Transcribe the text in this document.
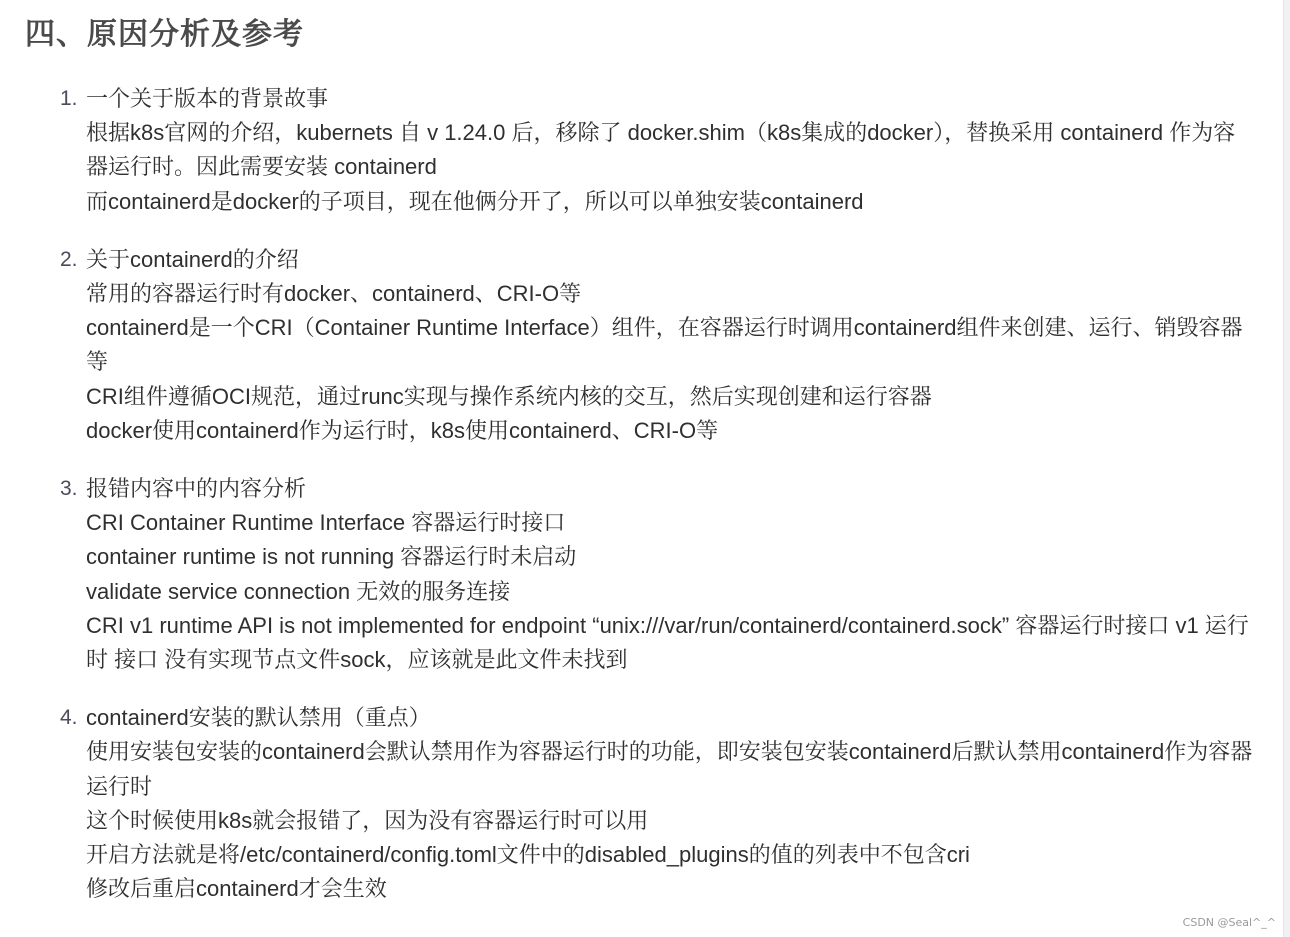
四、原因分析及参考
1. 一个关于版本的背景故事
根据k8s官网的介绍，kubernets 自 v 1.24.0 后，移除了 docker.shim（k8s集成的docker），替换采用 containerd 作为容器运行时。因此需要安装 containerd
而containerd是docker的子项目，现在他俩分开了，所以可以单独安装containerd
2. 关于containerd的介绍
常用的容器运行时有docker、containerd、CRI-O等
containerd是一个CRI（Container Runtime Interface）组件，在容器运行时调用containerd组件来创建、运行、销毁容器等
CRI组件遵循OCI规范，通过runc实现与操作系统内核的交互，然后实现创建和运行容器
docker使用containerd作为运行时，k8s使用containerd、CRI-O等
3. 报错内容中的内容分析
CRI Container Runtime Interface 容器运行时接口
container runtime is not running 容器运行时未启动
validate service connection 无效的服务连接
CRI v1 runtime API is not implemented for endpoint “unix:///var/run/containerd/containerd.sock” 容器运行时接口 v1 运行时 接口 没有实现节点文件sock，应该就是此文件未找到
4. containerd安装的默认禁用（重点）
使用安装包安装的containerd会默认禁用作为容器运行时的功能，即安装包安装containerd后默认禁用containerd作为容器运行时
这个时候使用k8s就会报错了，因为没有容器运行时可以用
开启方法就是将/etc/containerd/config.toml文件中的disabled_plugins的值的列表中不包含cri
修改后重启containerd才会生效
CSDN @Seal^_^
